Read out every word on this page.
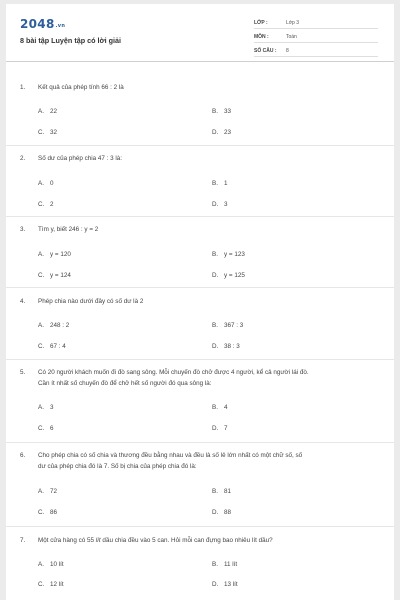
2048.vn
8 bài tập Luyện tập có lời giải
LỚP :	Lớp 3
MÔN :	Toán
SỐ CÂU : 8
1. Kết quả của phép tính 66 : 2 là
A. 22	B. 33
C. 32	D. 23
2. Số dư của phép chia 47 : 3 là:
A. 0	B. 1
C. 2	D. 3
3. Tìm y, biết 246 : y = 2
A. y = 120	B. y = 123
C. y = 124	D. y = 125
4. Phép chia nào dưới đây có số dư là 2
A. 248 : 2	B. 367 : 3
C. 67 : 4	D. 38 : 3
5. Có 20 người khách muốn đi đò sang sông. Mỗi chuyến đò chở được 4 người, kể cả người lái đò.
Cần ít nhất số chuyến đò để chở hết số người đó qua sông là:
A. 3	B. 4
C. 6	D. 7
6. Cho phép chia có số chia và thương đều bằng nhau và đều là số lẻ lớn nhất có một chữ số, số
dư của phép chia đó là 7. Số bị chia của phép chia đó là:
A. 72	B. 81
C. 86	D. 88
7. Một cửa hàng có 55 lít dầu chia đều vào 5 can. Hỏi mỗi can đựng bao nhiêu lít dầu?
A. 10 lít	B. 11 lít
C. 12 lít	D. 13 lít
